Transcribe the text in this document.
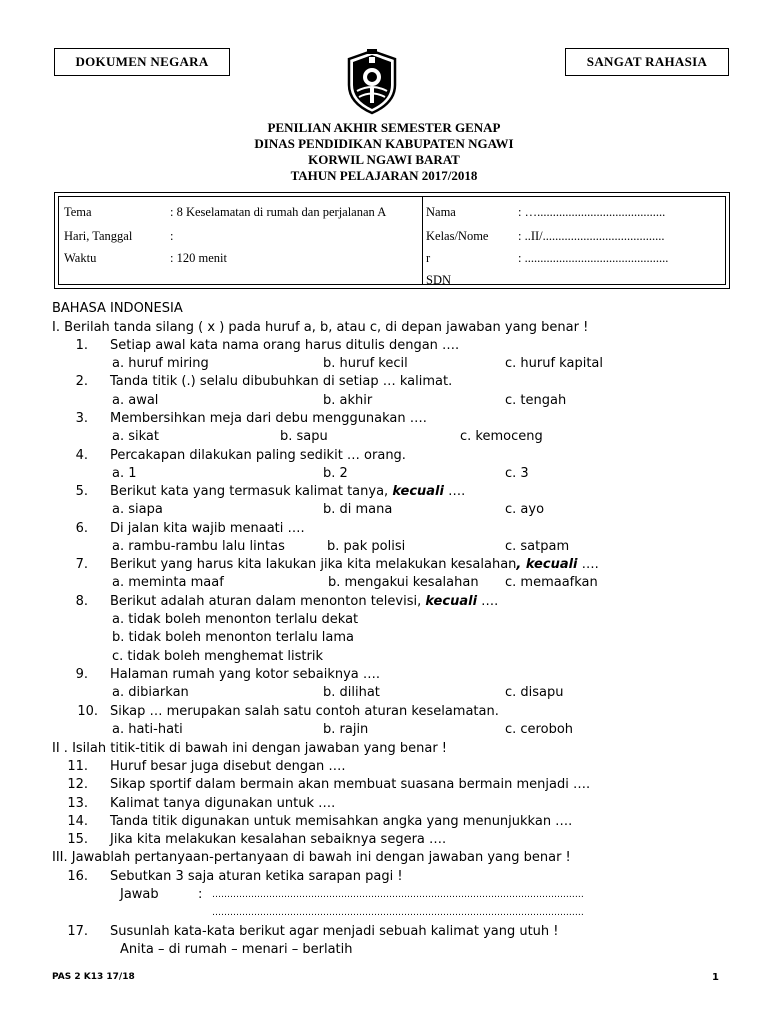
DOKUMEN NEGARA	SANGAT RAHASIA
PENILIAN AKHIR SEMESTER GENAP
DINAS PENDIDIKAN KABUPATEN NGAWI
KORWIL NGAWI BARAT
TAHUN PELAJARAN 2017/2018
Tema	: 8 Keselamatan di rumah dan perjalanan A
Hari, Tanggal	:
Waktu	: 120 menit
Nama	: ….........................................
Kelas/Nome : ..II/.......................................
r	: ..............................................
SDN
BAHASA INDONESIA
I. Berilah tanda silang ( x ) pada huruf a, b, atau c, di depan jawaban yang benar !
1. Setiap awal kata nama orang harus ditulis dengan ….
a. huruf miring	b. huruf kecil	c. huruf kapital
2. Tanda titik (.) selalu dibubuhkan di setiap … kalimat.
a. awal	b. akhir	c. tengah
3. Membersihkan meja dari debu menggunakan ….
a. sikat	b. sapu	c. kemoceng
4. Percakapan dilakukan paling sedikit … orang.
a. 1	b. 2	c. 3
5. Berikut kata yang termasuk kalimat tanya, kecuali ….
a. siapa	b. di mana	c. ayo
6. Di jalan kita wajib menaati ….
a. rambu-rambu lalu lintas	b. pak polisi	c. satpam
7. Berikut yang harus kita lakukan jika kita melakukan kesalahan, kecuali ….
a. meminta maaf	b. mengakui kesalahan c. memaafkan
8. Berikut adalah aturan dalam menonton televisi, kecuali ….
a. tidak boleh menonton terlalu dekat
b. tidak boleh menonton terlalu lama
c. tidak boleh menghemat listrik
9. Halaman rumah yang kotor sebaiknya ….
a. dibiarkan	b. dilihat	c. disapu
10. Sikap … merupakan salah satu contoh aturan keselamatan.
a. hati-hati	b. rajin	c. ceroboh
II . Isilah titik-titik di bawah ini dengan jawaban yang benar !
11. Huruf besar juga disebut dengan ….
12. Sikap sportif dalam bermain akan membuat suasana bermain menjadi ….
13. Kalimat tanya digunakan untuk ….
14. Tanda titik digunakan untuk memisahkan angka yang menunjukkan ….
15. Jika kita melakukan kesalahan sebaiknya segera ….
III. Jawablah pertanyaan-pertanyaan di bawah ini dengan jawaban yang benar !
16. Sebutkan 3 saja aturan ketika sarapan pagi !
Jawab	: ……………………………………………………………………………………………………….……
……………………………………………………………………………………………………….……
17. Susunlah kata-kata berikut agar menjadi sebuah kalimat yang utuh !
Anita – di rumah – menari – berlatih
PAS 2 K13 17/18	1
